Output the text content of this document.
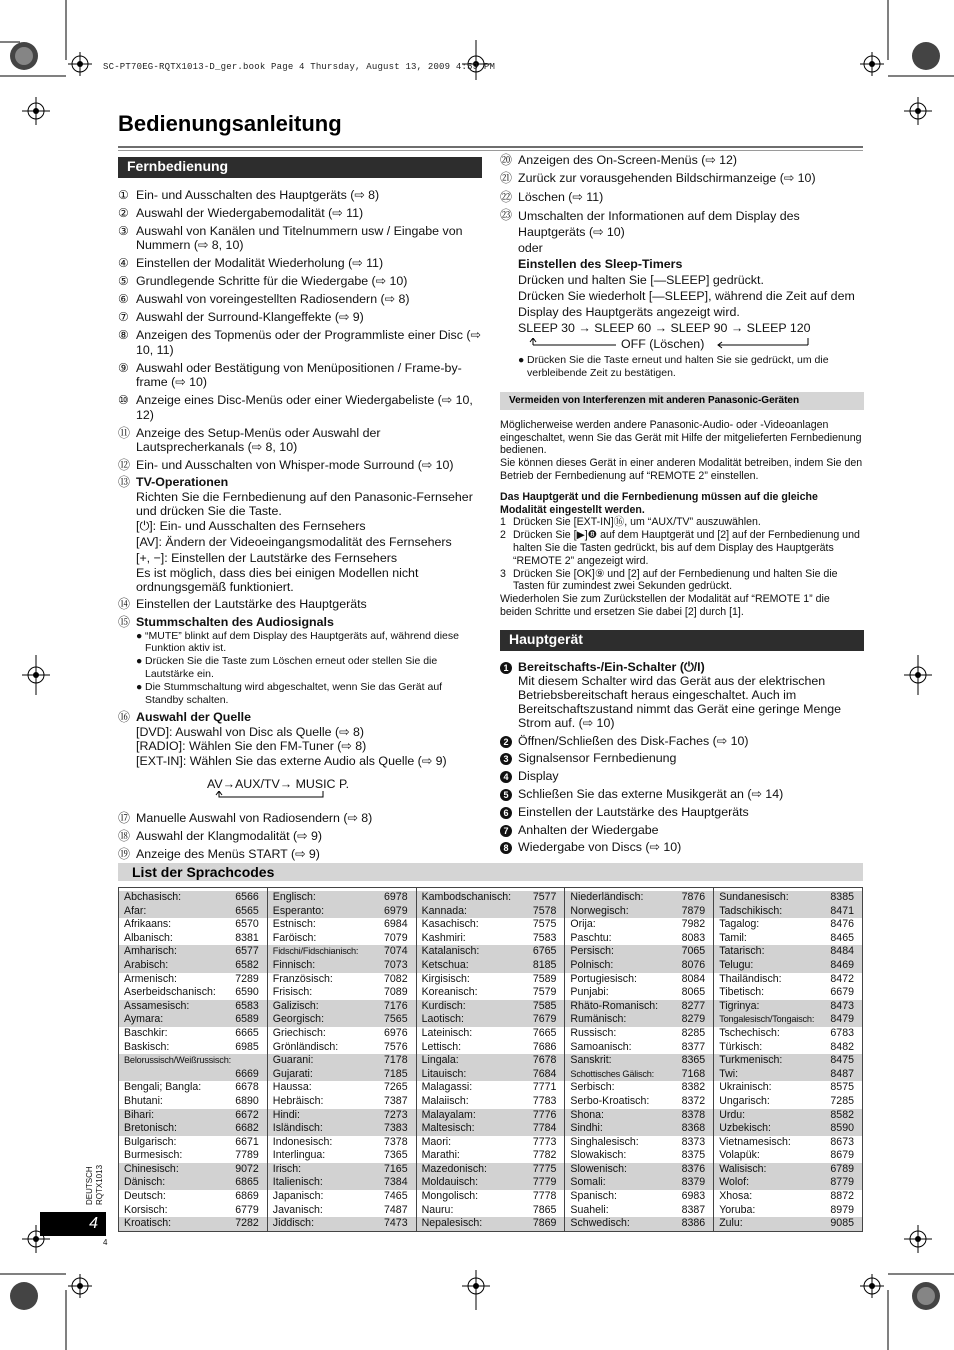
SC-PT70EG-RQTX1013-D_ger.book Page 4 Thursday, August 13, 2009 4:59 PM
Bedienungsanleitung
Fernbedienung
① Ein- und Ausschalten des Hauptgeräts (⇨ 8)
② Auswahl der Wiedergabemodalität (⇨ 11)
③ Auswahl von Kanälen und Titelnummern usw / Eingabe von Nummern (⇨ 8, 10)
④ Einstellen der Modalität Wiederholung (⇨ 11)
⑤ Grundlegende Schritte für die Wiedergabe (⇨ 10)
⑥ Auswahl von voreingestellten Radiosendern (⇨ 8)
⑦ Auswahl der Surround-Klangeffekte (⇨ 9)
⑧ Anzeigen des Topmenüs oder der Programmliste einer Disc (⇨ 10, 11)
⑨ Auswahl oder Bestätigung von Menüpositionen / Frame-by-frame (⇨ 10)
⑩ Anzeige eines Disc-Menüs oder einer Wiedergabeliste (⇨ 10, 12)
⑪ Anzeige des Setup-Menüs oder Auswahl der Lautsprecherkanals (⇨ 8, 10)
⑫ Ein- und Ausschalten von Whisper-mode Surround (⇨ 10)
⑬ TV-Operationen
Richten Sie die Fernbedienung auf den Panasonic-Fernseher und drücken Sie die Taste.
[⏻]: Ein- und Ausschalten des Fernsehers
[AV]: Ändern der Videoeingangsmodalität des Fernsehers
[+, −]: Einstellen der Lautstärke des Fernsehers
Es ist möglich, dass dies bei einigen Modellen nicht ordnungsgemäß funktioniert.
⑭ Einstellen der Lautstärke des Hauptgeräts
⑮ Stummschalten des Audiosignals
● “MUTE” blinkt auf dem Display des Hauptgeräts auf, während diese Funktion aktiv ist.
● Drücken Sie die Taste zum Löschen erneut oder stellen Sie die Lautstärke ein.
● Die Stummschaltung wird abgeschaltet, wenn Sie das Gerät auf Standby schalten.
⑯ Auswahl der Quelle
[DVD]: Auswahl von Disc als Quelle (⇨ 8)
[RADIO]: Wählen Sie den FM-Tuner (⇨ 8)
[EXT-IN]: Wählen Sie das externe Audio als Quelle (⇨ 9)
AV→AUX/TV→ MUSIC P.
⑰ Manuelle Auswahl von Radiosendern (⇨ 8)
⑱ Auswahl der Klangmodalität (⇨ 9)
⑲ Anzeige des Menüs START (⇨ 9)
⑳ Anzeigen des On-Screen-Menüs (⇨ 12)
㉑ Zurück zur vorausgehenden Bildschirmanzeige (⇨ 10)
㉒ Löschen (⇨ 11)
㉓ Umschalten der Informationen auf dem Display des Hauptgeräts (⇨ 10)
oder
Einstellen des Sleep-Timers
Drücken und halten Sie [—SLEEP] gedrückt.
Drücken Sie wiederholt [—SLEEP], während die Zeit auf dem Display des Hauptgeräts angezeigt wird.
SLEEP 30 → SLEEP 60 → SLEEP 90 → SLEEP 120
OFF (Löschen)
● Drücken Sie die Taste erneut und halten Sie sie gedrückt, um die verbleibende Zeit zu bestätigen.
Vermeiden von Interferenzen mit anderen Panasonic-Geräten
Möglicherweise werden andere Panasonic-Audio- oder -Videoanlagen eingeschaltet, wenn Sie das Gerät mit Hilfe der mitgelieferten Fernbedienung bedienen.
Sie können dieses Gerät in einer anderen Modalität betreiben, indem Sie den Betrieb der Fernbedienung auf “REMOTE 2” einstellen.
Das Hauptgerät und die Fernbedienung müssen auf die gleiche Modalität eingestellt werden.
1 Drücken Sie [EXT-IN]⑯, um “AUX/TV” auszuwählen.
2 Drücken Sie [▶]❽ auf dem Hauptgerät und [2] auf der Fernbedienung und halten Sie die Tasten gedrückt, bis auf dem Display des Hauptgeräts “REMOTE 2” angezeigt wird.
3 Drücken Sie [OK]⑨ und [2] auf der Fernbedienung und halten Sie die Tasten für zumindest zwei Sekunden gedrückt.
Wiederholen Sie zum Zurückstellen der Modalität auf “REMOTE 1” die beiden Schritte und ersetzen Sie dabei [2] durch [1].
Hauptgerät
1 Bereitschafts-/Ein-Schalter (⏻/I)
Mit diesem Schalter wird das Gerät aus der elektrischen Betriebsbereitschaft heraus eingeschaltet. Auch im Bereitschaftszustand nimmt das Gerät eine geringe Menge Strom auf. (⇨ 10)
2 Öffnen/Schließen des Disk-Faches (⇨ 10)
3 Signalsensor Fernbedienung
4 Display
5 Schließen Sie das externe Musikgerät an (⇨ 14)
6 Einstellen der Lautstärke des Hauptgeräts
7 Anhalten der Wiedergabe
8 Wiedergabe von Discs (⇨ 10)
List der Sprachcodes
Abchasisch:	6566
Afar:	6565
Afrikaans:	6570
Albanisch:	8381
Amharisch:	6577
Arabisch:	6582
Armenisch:	7289
Aserbeidschanisch: 6590
Assamesisch:	6583
Aymara:	6589
Baschkir:	6665
Baskisch:	6985
Belorussisch/Weißrussisch:
6669
Bengali; Bangla:	6678
Bhutani:	6890
Bihari:	6672
Bretonisch:	6682
Bulgarisch:	6671
Burmesisch:	7789
Chinesisch:	9072
Dänisch:	6865
Deutsch:	6869
Korsisch:	6779
Kroatisch:	7282
Englisch:	6978
Esperanto:	6979
Estnisch:	6984
Faröisch:	7079
Fidschi/Fidschianisch: 7074
Finnisch:	7073
Französisch:	7082
Frisisch:	7089
Galizisch:	7176
Georgisch:	7565
Griechisch:	6976
Grönländisch:	7576
Guarani:	7178
Gujarati:	7185
Haussa:	7265
Hebräisch:	7387
Hindi:	7273
Isländisch:	7383
Indonesisch:	7378
Interlingua:	7365
Irisch:	7165
Italienisch:	7384
Japanisch:	7465
Javanisch:	7487
Jiddisch:	7473
Kambodschanisch: 7577
Kannada:	7578
Kasachisch:	7575
Kashmiri:	7583
Katalanisch:	6765
Ketschua:	8185
Kirgisisch:	7589
Koreanisch:	7579
Kurdisch:	7585
Laotisch:	7679
Lateinisch:	7665
Lettisch:	7686
Lingala:	7678
Litauisch:	7684
Malagassi:	7771
Malaiisch:	7783
Malayalam:	7776
Maltesisch:	7784
Maori:	7773
Marathi:	7782
Mazedonisch:	7775
Moldauisch:	7779
Mongolisch:	7778
Nauru:	7865
Nepalesisch:	7869
Niederländisch:	7876
Norwegisch:	7879
Orija:	7982
Paschtu:	8083
Persisch:	7065
Polnisch:	8076
Portugiesisch:	8084
Punjabi:	8065
Rhäto-Romanisch: 8277
Rumänisch:	8279
Russisch:	8285
Samoanisch:	8377
Sanskrit:	8365
Schottisches Gälisch:	7168
Serbisch:	8382
Serbo-Kroatisch:	8372
Shona:	8378
Sindhi:	8368
Singhalesisch:	8373
Slowakisch:	8375
Slowenisch:	8376
Somali:	8379
Spanisch:	6983
Suaheli:	8387
Schwedisch:	8386
Sundanesisch:	8385
Tadschikisch:	8471
Tagalog:	8476
Tamil:	8465
Tatarisch:	8484
Telugu:	8469
Thailändisch:	8472
Tibetisch:	6679
Tigrinya:	8473
Tongalesisch/Tongaisch: 8479
Tschechisch:	6783
Türkisch:	8482
Turkmenisch:	8475
Twi:	8487
Ukrainisch:	8575
Ungarisch:	7285
Urdu:	8582
Uzbekisch:	8590
Vietnamesisch:	8673
Volapük:	8679
Walisisch:	6789
Wolof:	8779
Xhosa:	8872
Yoruba:	8979
Zulu:	9085
DEUTSCH RQTX1013
4
4
